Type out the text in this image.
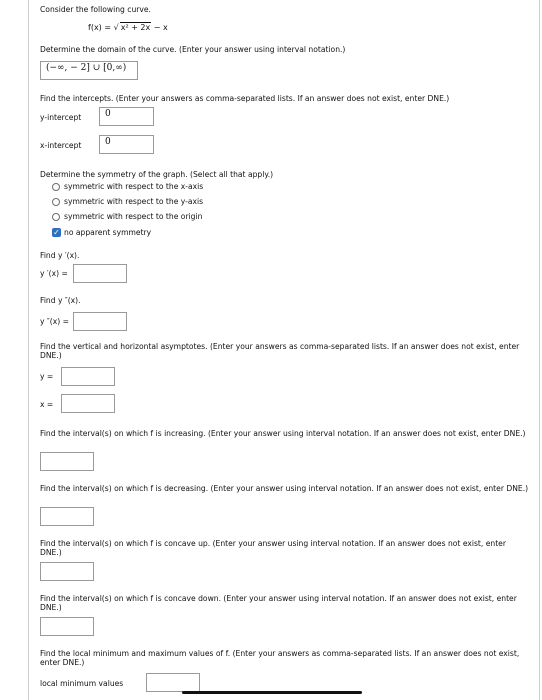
Consider the following curve.
f(x) = √ x² + 2x − x
Determine the domain of the curve. (Enter your answer using interval notation.)
(−∞, − 2] ∪ [0,∞)
Find the intercepts. (Enter your answers as comma-separated lists. If an answer does not exist, enter DNE.)
y-intercept	0
x-intercept	0
Determine the symmetry of the graph. (Select all that apply.)
symmetric with respect to the x-axis
symmetric with respect to the y-axis
symmetric with respect to the origin
✓ no apparent symmetry
Find y ′(x).
y ′(x) =
Find y ″(x).
y ″(x) =
Find the vertical and horizontal asymptotes. (Enter your answers as comma-separated lists. If an answer does not exist, enter DNE.)
y =
x =
Find the interval(s) on which f is increasing. (Enter your answer using interval notation. If an answer does not exist, enter DNE.)
Find the interval(s) on which f is decreasing. (Enter your answer using interval notation. If an answer does not exist, enter DNE.)
Find the interval(s) on which f is concave up. (Enter your answer using interval notation. If an answer does not exist, enter DNE.)
Find the interval(s) on which f is concave down. (Enter your answer using interval notation. If an answer does not exist, enter DNE.)
Find the local minimum and maximum values of f. (Enter your answers as comma-separated lists. If an answer does not exist, enter DNE.)
local minimum values
